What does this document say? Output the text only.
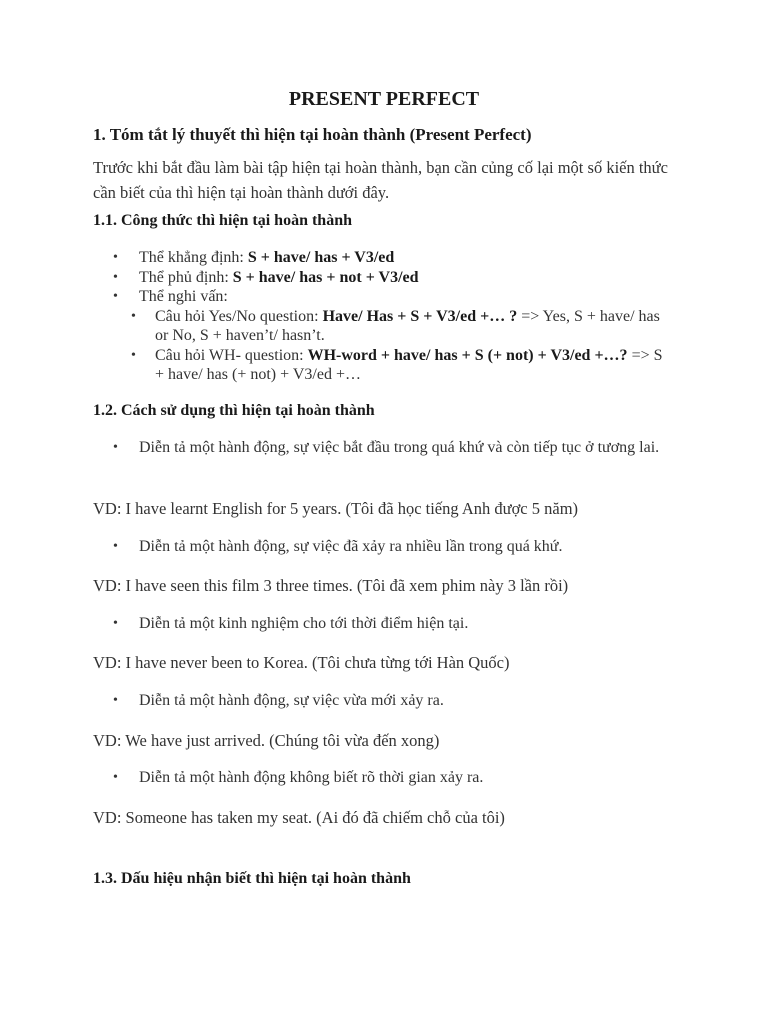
PRESENT PERFECT
1. Tóm tắt lý thuyết thì hiện tại hoàn thành (Present Perfect)

Trước khi bắt đầu làm bài tập hiện tại hoàn thành, bạn cần củng cố lại một số kiến thức cần biết của thì hiện tại hoàn thành dưới đây.

1.1. Công thức thì hiện tại hoàn thành
• Thể khẳng định: S + have/ has + V3/ed
• Thể phủ định: S + have/ has + not + V3/ed
• Thể nghi vấn:
• Câu hỏi Yes/No question: Have/ Has + S + V3/ed +… ? => Yes, S + have/ has or No, S + haven’t/ hasn’t.
• Câu hỏi WH- question: WH-word + have/ has + S (+ not) + V3/ed +…? => S + have/ has (+ not) + V3/ed +…
1.2. Cách sử dụng thì hiện tại hoàn thành
• Diễn tả một hành động, sự việc bắt đầu trong quá khứ và còn tiếp tục ở tương lai.

VD: I have learnt English for 5 years. (Tôi đã học tiếng Anh được 5 năm)

• Diễn tả một hành động, sự việc đã xảy ra nhiều lần trong quá khứ.

VD: I have seen this film 3 three times. (Tôi đã xem phim này 3 lần rồi)

• Diễn tả một kinh nghiệm cho tới thời điểm hiện tại.

VD: I have never been to Korea. (Tôi chưa từng tới Hàn Quốc)

• Diễn tả một hành động, sự việc vừa mới xảy ra.

VD: We have just arrived. (Chúng tôi vừa đến xong)

• Diễn tả một hành động không biết rõ thời gian xảy ra.

VD: Someone has taken my seat. (Ai đó đã chiếm chỗ của tôi)

1.3. Dấu hiệu nhận biết thì hiện tại hoàn thành
